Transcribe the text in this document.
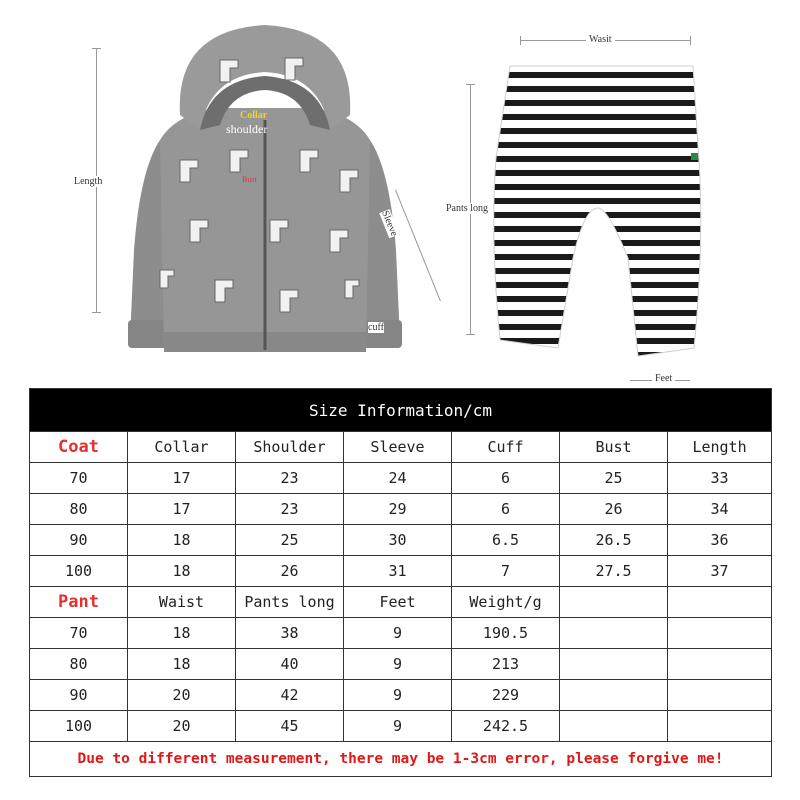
Length
Collar
shoulder
Bust
Sleeve
cuff
Wasit
Pants long
Feet
Size Information/cm						
Coat	Collar	Shoulder	Sleeve	Cuff	Bust	Length
70	17	23	24	6	25	33
80	17	23	29	6	26	34
90	18	25	30	6.5	26.5	36
100	18	26	31	7	27.5	37
Pant	Waist	Pants long	Feet	Weight/g		
70	18	38	9	190.5		
80	18	40	9	213		
90	20	42	9	229		
100	20	45	9	242.5		
Due to different measurement, there may be 1-3cm error, please forgive me!						
